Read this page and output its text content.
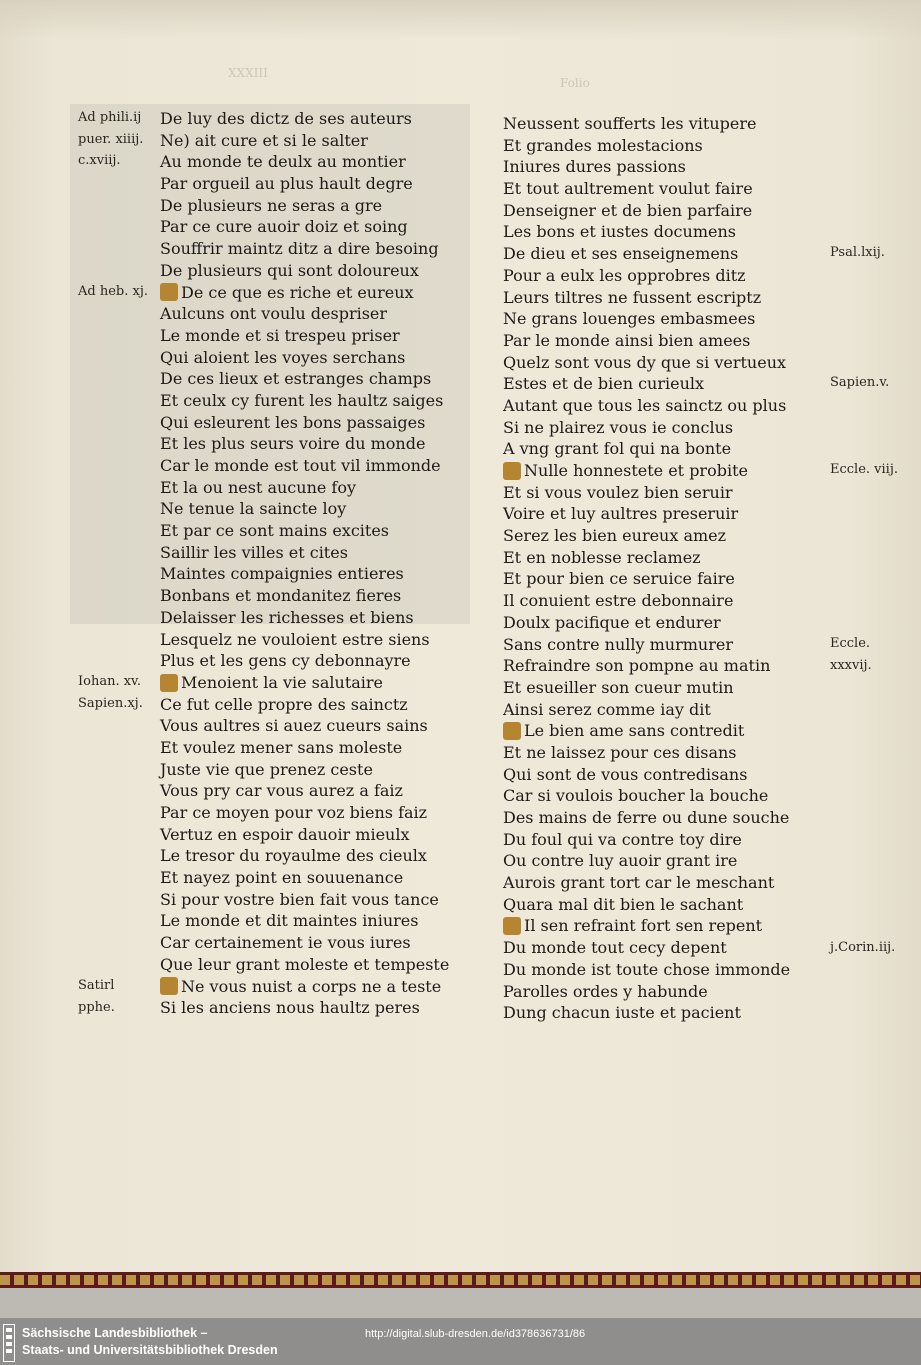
XXXIII
Folio
De luy des dictz de ses auteurs
Ne) ait cure et si le salter
Au monde te deulx au montier
Par orgueil au plus hault degre
De plusieurs ne seras a gre
Par ce cure auoir doiz et soing
Souffrir maintz ditz a dire besoing
De plusieurs qui sont doloureux
De ce que es riche et eureux
Aulcuns ont voulu despriser
Le monde et si trespeu priser
Qui aloient les voyes serchans
De ces lieux et estranges champs
Et ceulx cy furent les haultz saiges
Qui esleurent les bons passaiges
Et les plus seurs voire du monde
Car le monde est tout vil immonde
Et la ou nest aucune foy
Ne tenue la saincte loy
Et par ce sont mains excites
Saillir les villes et cites
Maintes compaignies entieres
Bonbans et mondanitez fieres
Delaisser les richesses et biens
Lesquelz ne vouloient estre siens
Plus et les gens cy debonnayre
Menoient la vie salutaire
Ce fut celle propre des sainctz
Vous aultres si auez cueurs sains
Et voulez mener sans moleste
Juste vie que prenez ceste
Vous pry car vous aurez a faiz
Par ce moyen pour voz biens faiz
Vertuz en espoir dauoir mieulx
Le tresor du royaulme des cieulx
Et nayez point en souuenance
Si pour vostre bien fait vous tance
Le monde et dit maintes iniures
Car certainement ie vous iures
Que leur grant moleste et tempeste
Ne vous nuist a corps ne a teste
Si les anciens nous haultz peres
Neussent soufferts les vitupere
Et grandes molestacions
Iniures dures passions
Et tout aultrement voulut faire
Denseigner et de bien parfaire
Les bons et iustes documens
De dieu et ses enseignemens
Pour a eulx les opprobres ditz
Leurs tiltres ne fussent escriptz
Ne grans louenges embasmees
Par le monde ainsi bien amees
Quelz sont vous dy que si vertueux
Estes et de bien curieulx
Autant que tous les sainctz ou plus
Si ne plairez vous ie conclus
A vng grant fol qui na bonte
Nulle honnestete et probite
Et si vous voulez bien seruir
Voire et luy aultres preseruir
Serez les bien eureux amez
Et en noblesse reclamez
Et pour bien ce seruice faire
Il conuient estre debonnaire
Doulx pacifique et endurer
Sans contre nully murmurer
Refraindre son pompne au matin
Et esueiller son cueur mutin
Ainsi serez comme iay dit
Le bien ame sans contredit
Et ne laissez pour ces disans
Qui sont de vous contredisans
Car si voulois boucher la bouche
Des mains de ferre ou dune souche
Du foul qui va contre toy dire
Ou contre luy auoir grant ire
Aurois grant tort car le meschant
Quara mal dit bien le sachant
Il sen refraint fort sen repent
Du monde tout cecy depent
Du monde ist toute chose immonde
Parolles ordes y habunde
Dung chacun iuste et pacient
Ad phili.ij
puer. xiiij.
c.xviij.
Ad heb. xj.
Iohan. xv.
Sapien.xj.
Satirl
pphe.
Psal.lxij.
Sapien.v.
Eccle. viij.
Eccle.
xxxvij.
j.Corin.iij.
Sächsische Landesbibliothek –
Staats- und Universitätsbibliothek Dresden
http://digital.slub-dresden.de/id378636731/86
